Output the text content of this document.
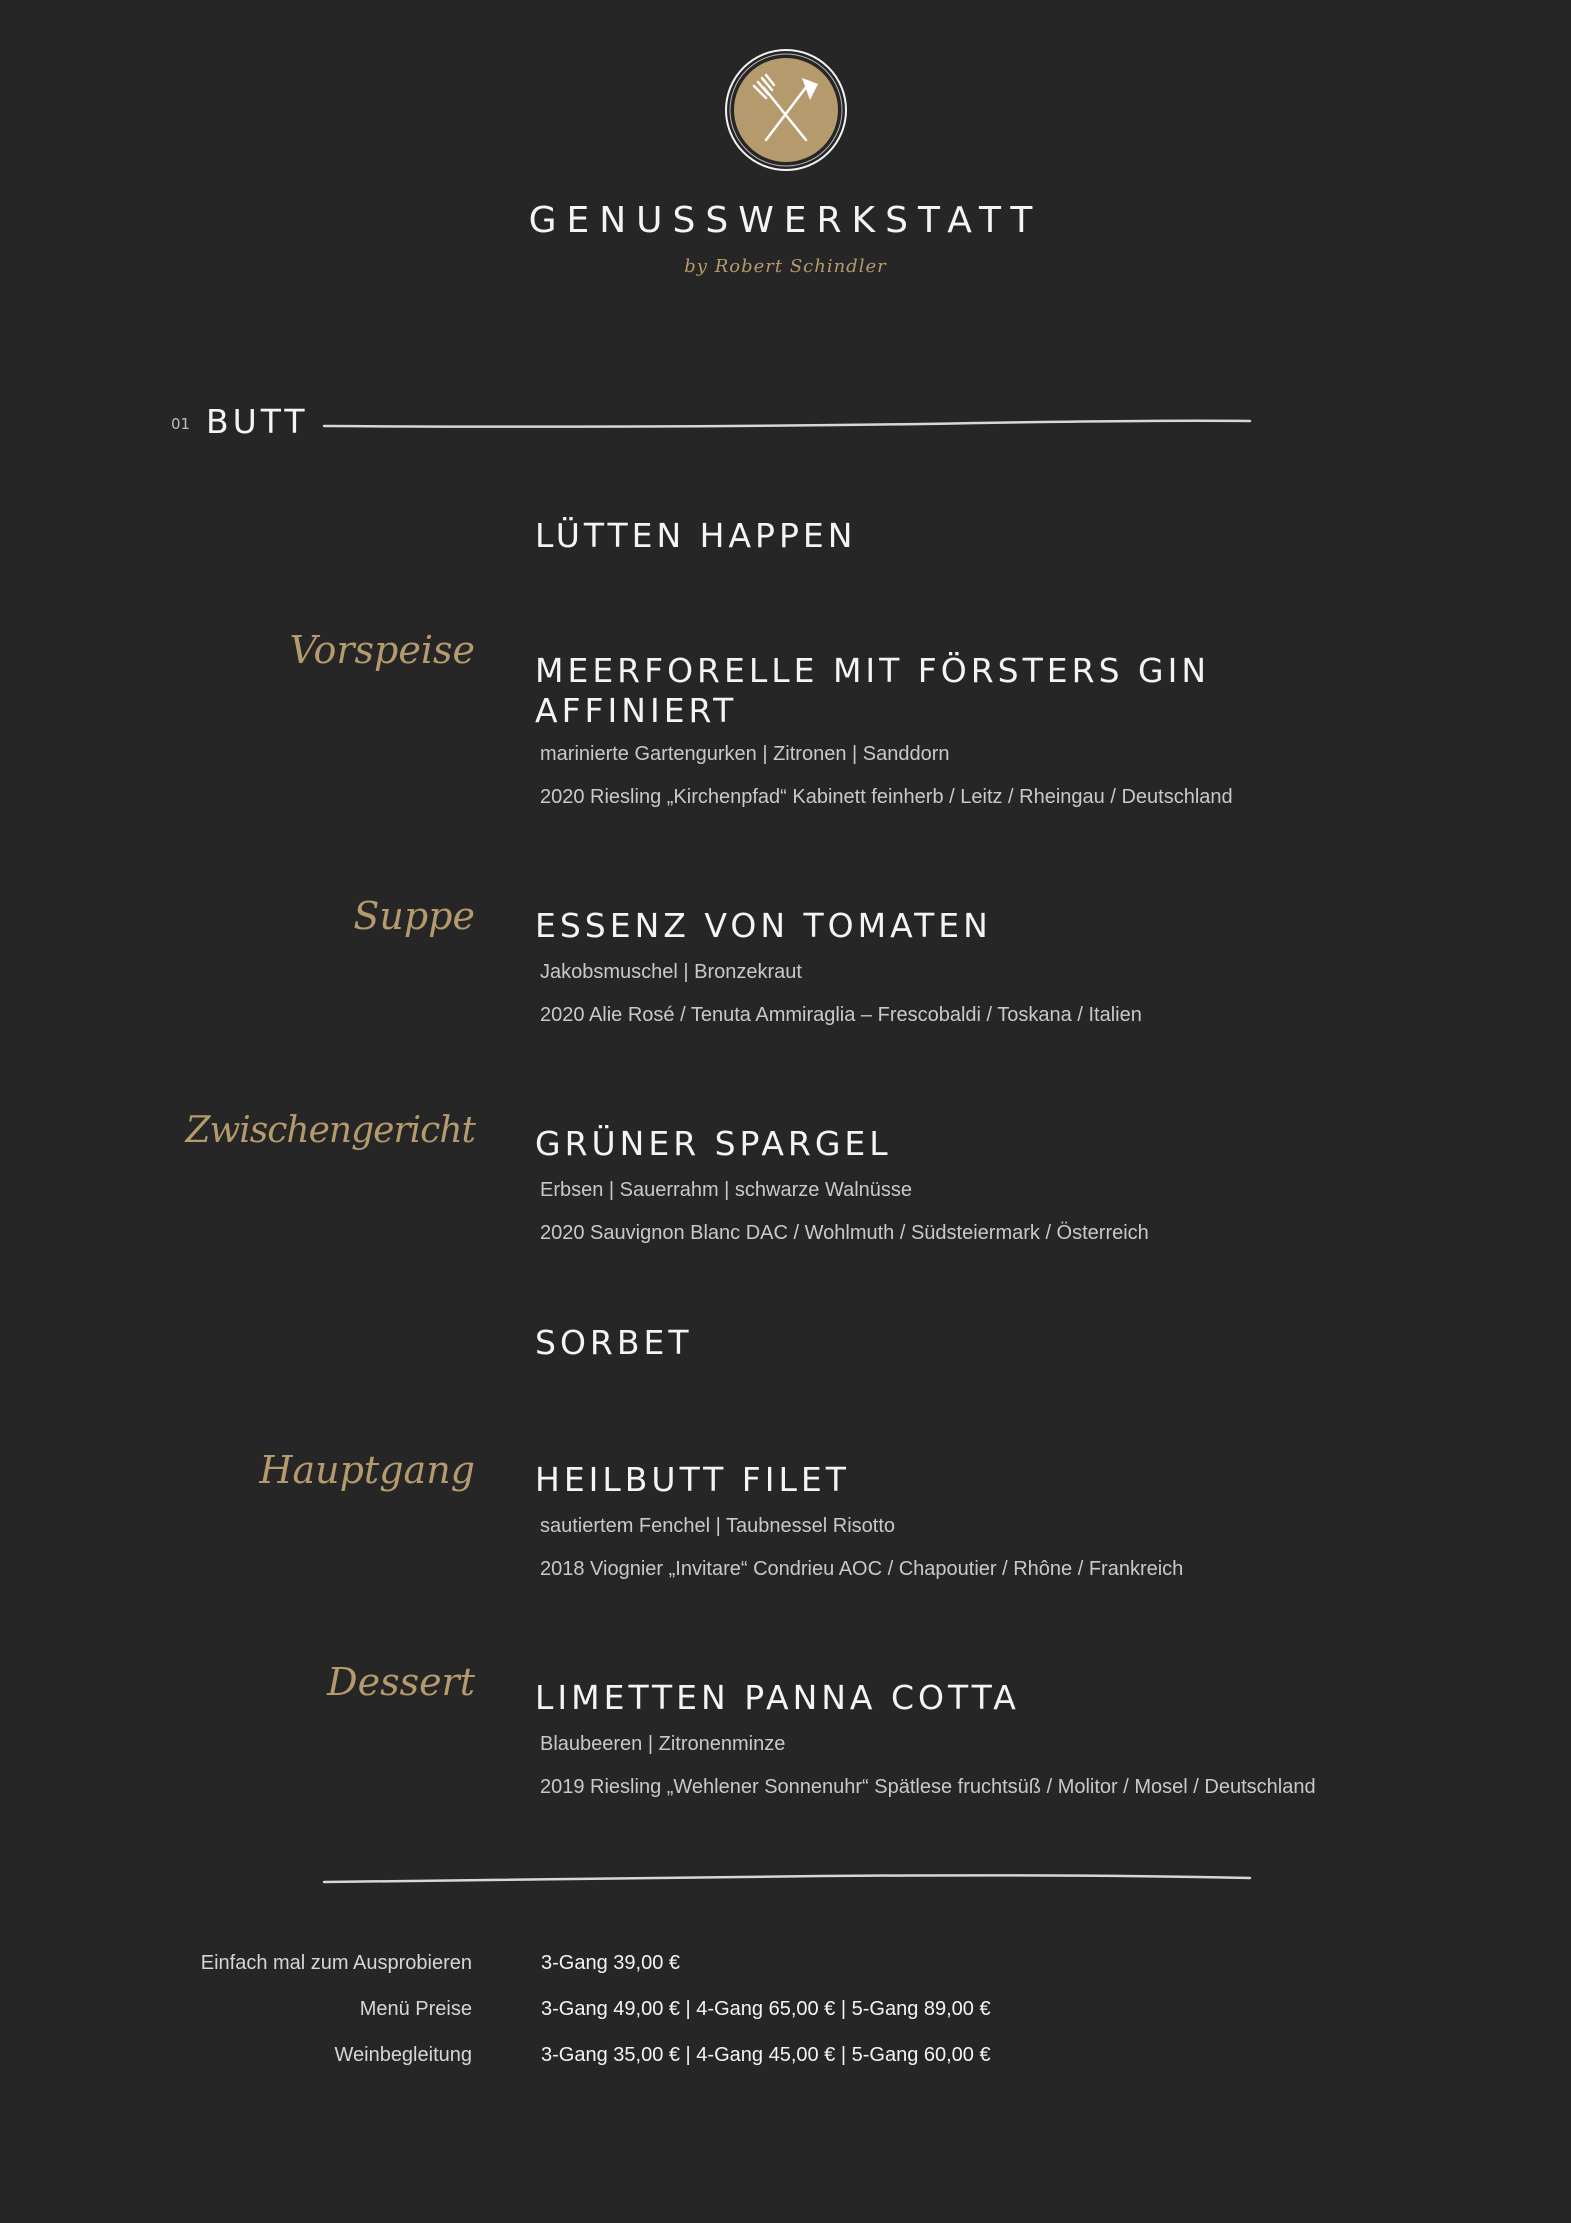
GENUSSWERKSTATT
by Robert Schindler
01 BUTT
LÜTTEN HAPPEN
Vorspeise MEERFORELLE MIT FÖRSTERS GIN AFFINIERT
marinierte Gartengurken | Zitronen | Sanddorn
2020 Riesling „Kirchenpfad“ Kabinett feinherb / Leitz / Rheingau / Deutschland
Suppe ESSENZ VON TOMATEN
Jakobsmuschel | Bronzekraut
2020 Alie Rosé / Tenuta Ammiraglia – Frescobaldi / Toskana / Italien
Zwischengericht GRÜNER SPARGEL
Erbsen | Sauerrahm | schwarze Walnüsse
2020 Sauvignon Blanc DAC / Wohlmuth / Südsteiermark / Österreich
SORBET
Hauptgang HEILBUTT FILET
sautiertem Fenchel | Taubnessel Risotto
2018 Viognier „Invitare“ Condrieu AOC / Chapoutier / Rhône / Frankreich
Dessert LIMETTEN PANNA COTTA
Blaubeeren | Zitronenminze
2019 Riesling „Wehlener Sonnenuhr“ Spätlese fruchtsüß / Molitor / Mosel / Deutschland
Einfach mal zum Ausprobieren	3-Gang 39,00 €
Menü Preise	3-Gang 49,00 € | 4-Gang 65,00 € | 5-Gang 89,00 €
Weinbegleitung	3-Gang 35,00 € | 4-Gang 45,00 € | 5-Gang 60,00 €
